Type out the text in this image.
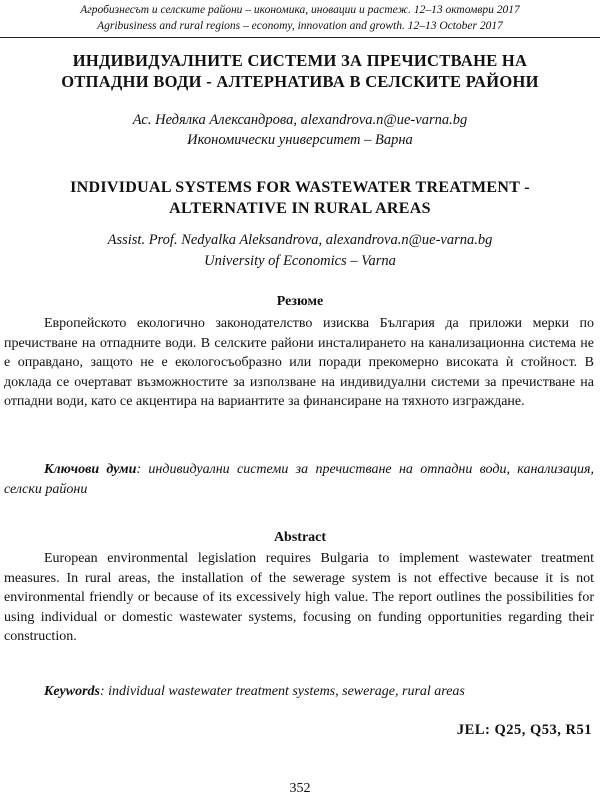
Агробизнесът и селските райони – икономика, иновации и растеж. 12–13 октомври 2017
Agribusiness and rural regions – economy, innovation and growth. 12–13 October 2017
ИНДИВИДУАЛНИТЕ СИСТЕМИ ЗА ПРЕЧИСТВАНЕ НА
ОТПАДНИ ВОДИ - АЛТЕРНАТИВА В СЕЛСКИТЕ РАЙОНИ
Ас. Недялка Александрова, alexandrova.n@ue-varna.bg
Икономически университет – Варна
INDIVIDUAL SYSTEMS FOR WASTEWATER TREATMENT -
ALTERNATIVE IN RURAL AREAS
Assist. Prof. Nedyalka Aleksandrova, alexandrova.n@ue-varna.bg
University of Economics – Varna
Резюме

Европейското екологично законодателство изисква България да приложи мерки по пречистване на отпадните води. В селските райони инсталирането на канализационна система не е оправдано, защото не е екологосъобразно или поради прекомерно високата ѝ стойност. В доклада се очертават възможностите за използване на индивидуални системи за пречистване на отпадни води, като се акцентира на вариантите за финансиране на тяхното изграждане.

Ключови думи: индивидуални системи за пречистване на отпадни води, канализация, селски райони

Abstract

European environmental legislation requires Bulgaria to implement wastewater treatment measures. In rural areas, the installation of the sewerage system is not effective because it is not environmental friendly or because of its excessively high value. The report outlines the possibilities for using individual or domestic wastewater systems, focusing on funding opportunities regarding their construction.

Keywords: individual wastewater treatment systems, sewerage, rural areas

JEL: Q25, Q53, R51
352
